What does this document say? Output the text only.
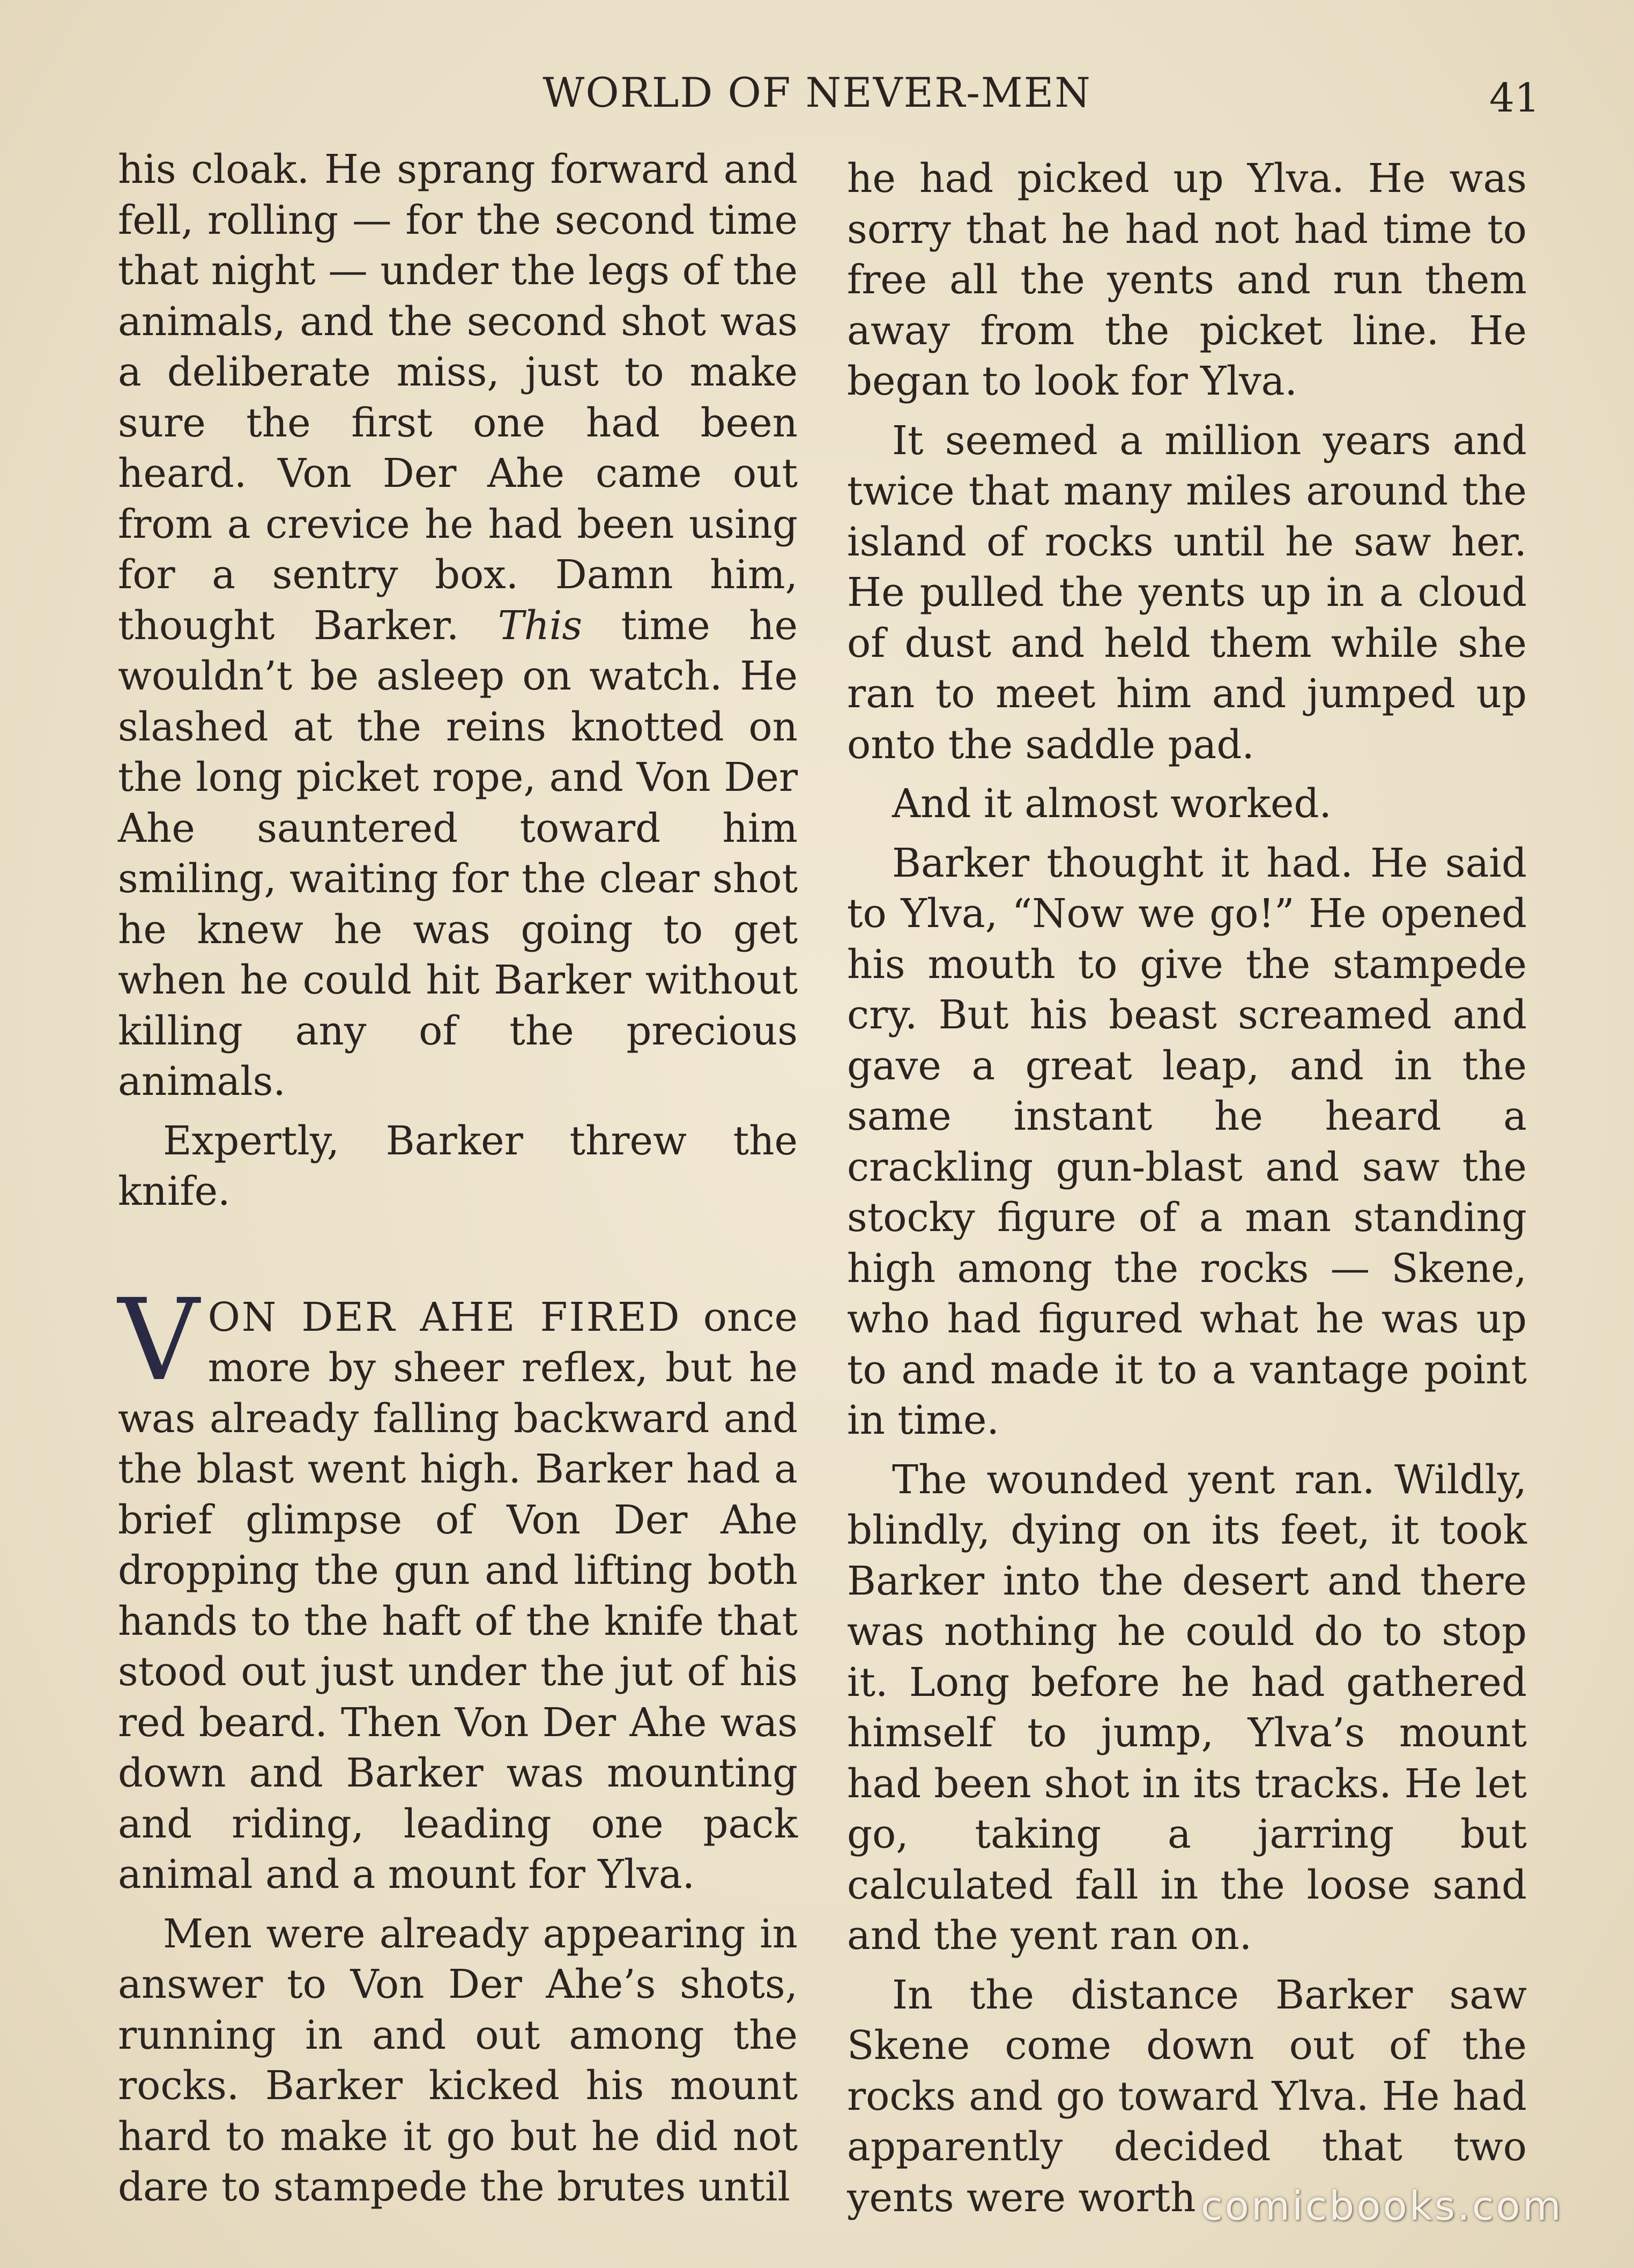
WORLD OF NEVER-MEN	41

his cloak. He sprang forward and fell, rolling — for the second time that night — under the legs of the animals, and the second shot was a deliberate miss, just to make sure the first one had been heard. Von Der Ahe came out from a crevice he had been using for a sentry box. Damn him, thought Barker. This time he wouldn’t be asleep on watch. He slashed at the reins knotted on the long picket rope, and Von Der Ahe sauntered toward him smiling, waiting for the clear shot he knew he was going to get when he could hit Barker without killing any of the precious animals.

Expertly, Barker threw the knife.

VON DER AHE FIRED once more by sheer reflex, but he was already falling backward and the blast went high. Barker had a brief glimpse of Von Der Ahe dropping the gun and lifting both hands to the haft of the knife that stood out just under the jut of his red beard. Then Von Der Ahe was down and Barker was mounting and riding, leading one pack animal and a mount for Ylva.

Men were already appearing in answer to Von Der Ahe’s shots, running in and out among the rocks. Barker kicked his mount hard to make it go but he did not dare to stampede the brutes until

he had picked up Ylva. He was sorry that he had not had time to free all the yents and run them away from the picket line. He began to look for Ylva.

It seemed a million years and twice that many miles around the island of rocks until he saw her. He pulled the yents up in a cloud of dust and held them while she ran to meet him and jumped up onto the saddle pad.

And it almost worked.

Barker thought it had. He said to Ylva, “Now we go!” He opened his mouth to give the stampede cry. But his beast screamed and gave a great leap, and in the same instant he heard a crackling gun-blast and saw the stocky figure of a man standing high among the rocks — Skene, who had figured what he was up to and made it to a vantage point in time.

The wounded yent ran. Wildly, blindly, dying on its feet, it took Barker into the desert and there was nothing he could do to stop it. Long before he had gathered himself to jump, Ylva’s mount had been shot in its tracks. He let go, taking a jarring but calculated fall in the loose sand and the yent ran on.

In the distance Barker saw Skene come down out of the rocks and go toward Ylva. He had apparently decided that two yents were worth comicbooks.com
